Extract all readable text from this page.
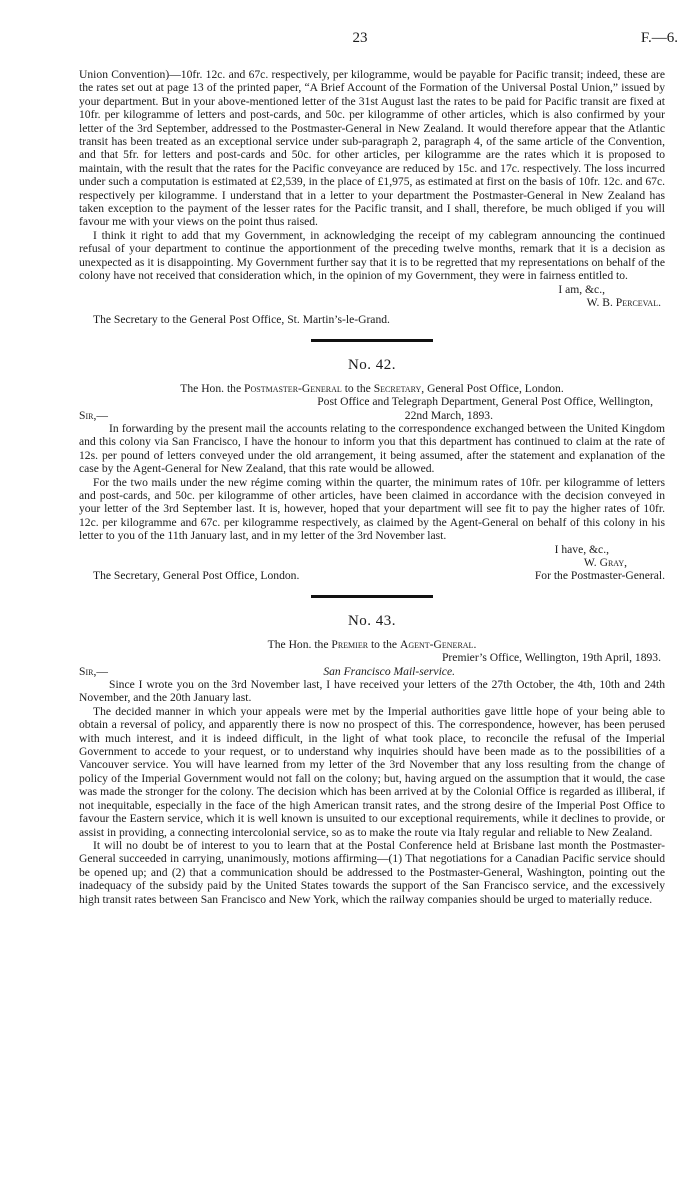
23	F.—6.

Union Convention)—10fr. 12c. and 67c. respectively, per kilogramme, would be payable for Pacific transit; indeed, these are the rates set out at page 13 of the printed paper, “A Brief Account of the Formation of the Universal Postal Union,” issued by your department. But in your above-mentioned letter of the 31st August last the rates to be paid for Pacific transit are fixed at 10fr. per kilogramme of letters and post-cards, and 50c. per kilogramme of other articles, which is also confirmed by your letter of the 3rd September, addressed to the Postmaster-General in New Zealand. It would therefore appear that the Atlantic transit has been treated as an exceptional service under sub-paragraph 2, paragraph 4, of the same article of the Convention, and that 5fr. for letters and post-cards and 50c. for other articles, per kilogramme are the rates which it is proposed to maintain, with the result that the rates for the Pacific conveyance are reduced by 15c. and 17c. respectively. The loss incurred under such a computation is estimated at £2,539, in the place of £1,975, as estimated at first on the basis of 10fr. 12c. and 67c. respectively per kilogramme. I understand that in a letter to your department the Postmaster-General in New Zealand has taken exception to the payment of the lesser rates for the Pacific transit, and I shall, therefore, be much obliged if you will favour me with your views on the point thus raised.

I think it right to add that my Government, in acknowledging the receipt of my cablegram announcing the continued refusal of your department to continue the apportionment of the preceding twelve months, remark that it is a decision as unexpected as it is disappointing. My Government further say that it is to be regretted that my representations on behalf of the colony have not received that consideration which, in the opinion of my Government, they were in fairness entitled to.

I am, &c.,

W. B. Perceval.

The Secretary to the General Post Office, St. Martin’s-le-Grand.

No. 42.

The Hon. the Postmaster-General to the Secretary, General Post Office, London.

Post Office and Telegraph Department, General Post Office, Wellington,

Sir,—	22nd March, 1893.

In forwarding by the present mail the accounts relating to the correspondence exchanged between the United Kingdom and this colony via San Francisco, I have the honour to inform you that this department has continued to claim at the rate of 12s. per pound of letters conveyed under the old arrangement, it being assumed, after the statement and explanation of the case by the Agent-General for New Zealand, that this rate would be allowed.

For the two mails under the new régime coming within the quarter, the minimum rates of 10fr. per kilogramme of letters and post-cards, and 50c. per kilogramme of other articles, have been claimed in accordance with the decision conveyed in your letter of the 3rd September last. It is, however, hoped that your department will see fit to pay the higher rates of 10fr. 12c. per kilogramme and 67c. per kilogramme respectively, as claimed by the Agent-General on behalf of this colony in his letter to you of the 11th January last, and in my letter of the 3rd November last.

I have, &c.,

W. Gray,

The Secretary, General Post Office, London.	For the Postmaster-General.
No. 43.

The Hon. the Premier to the Agent-General.

Premier’s Office, Wellington, 19th April, 1893.

Sir,—	San Francisco Mail-service.

Since I wrote you on the 3rd November last, I have received your letters of the 27th October, the 4th, 10th and 24th November, and the 20th January last.

The decided manner in which your appeals were met by the Imperial authorities gave little hope of your being able to obtain a reversal of policy, and apparently there is now no prospect of this. The correspondence, however, has been perused with much interest, and it is indeed difficult, in the light of what took place, to reconcile the refusal of the Imperial Government to accede to your request, or to understand why inquiries should have been made as to the possibilities of a Vancouver service. You will have learned from my letter of the 3rd November that any loss resulting from the change of policy of the Imperial Government would not fall on the colony; but, having argued on the assumption that it would, the case was made the stronger for the colony. The decision which has been arrived at by the Colonial Office is regarded as illiberal, if not inequitable, especially in the face of the high American transit rates, and the strong desire of the Imperial Post Office to favour the Eastern service, which it is well known is unsuited to our exceptional requirements, while it declines to provide, or assist in providing, a connecting intercolonial service, so as to make the route via Italy regular and reliable to New Zealand.

It will no doubt be of interest to you to learn that at the Postal Conference held at Brisbane last month the Postmaster-General succeeded in carrying, unanimously, motions affirming—(1) That negotiations for a Canadian Pacific service should be opened up; and (2) that a communication should be addressed to the Postmaster-General, Washington, pointing out the inadequacy of the subsidy paid by the United States towards the support of the San Francisco service, and the excessively high transit rates between San Francisco and New York, which the railway companies should be urged to materially reduce.
